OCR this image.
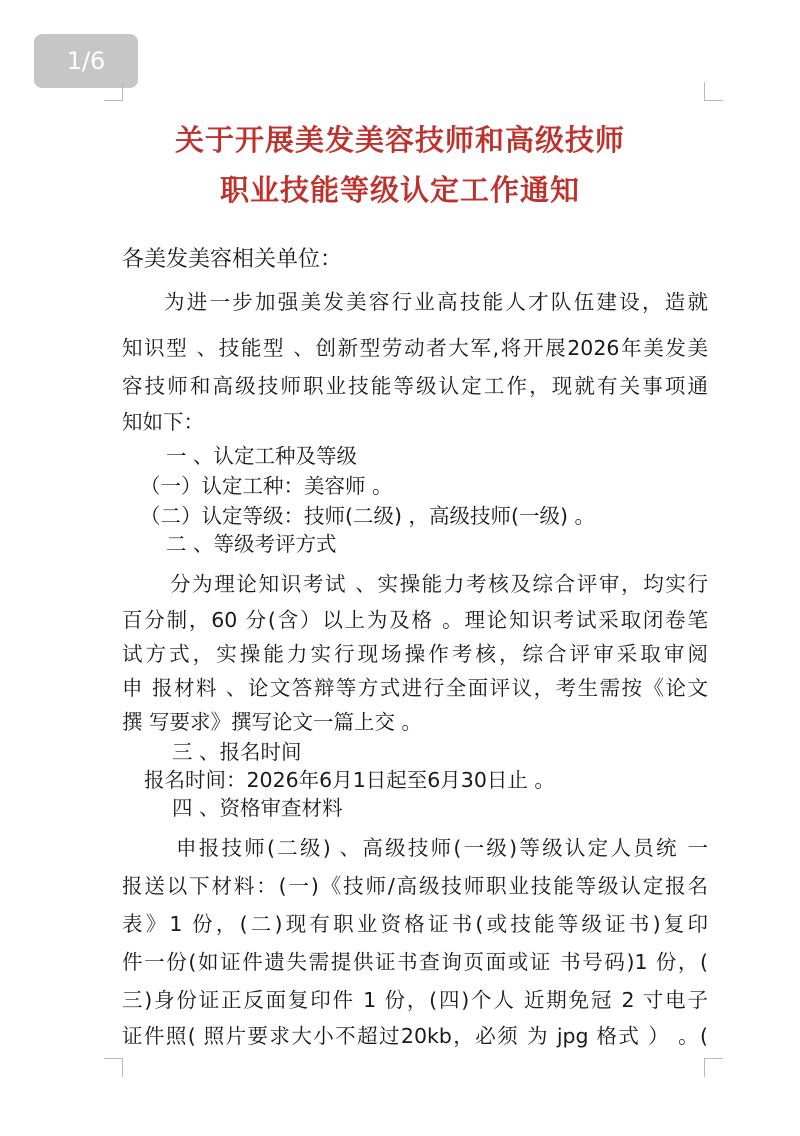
1/6
关于开展美发美容技师和高级技师
职业技能等级认定工作通知
各美发美容相关单位：
为进一步加强美发美容行业高技能人才队伍建设，造就
知识型 、技能型 、创新型劳动者大军,将开展2026年美发美
容技师和高级技师职业技能等级认定工作，现就有关事项通
知如下：
一 、认定工种及等级
（一）认定工种：美容师 。
（二）认定等级：技师(二级) ，高级技师(一级) 。
二 、等级考评方式
分为理论知识考试 、实操能力考核及综合评审，均实行
百分制，60 分(含）以上为及格 。理论知识考试采取闭卷笔
试方式，实操能力实行现场操作考核，综合评审采取审阅
申 报材料 、论文答辩等方式进行全面评议，考生需按《论文
撰 写要求》撰写论文一篇上交 。
三 、报名时间
报名时间：2026年6月1日起至6月30日止 。
四 、资格审查材料
申报技师(二级) 、高级技师(一级)等级认定人员统 一
报送以下材料：(一)《技师/高级技师职业技能等级认定报名
表》1 份，(二)现有职业资格证书(或技能等级证书)复印
件一份(如证件遗失需提供证书查询页面或证 书号码)1 份，(
三)身份证正反面复印件 1 份，(四)个人 近期免冠 2 寸电子
证件照( 照片要求大小不超过20kb，必须 为 jpg 格式 ） 。(
